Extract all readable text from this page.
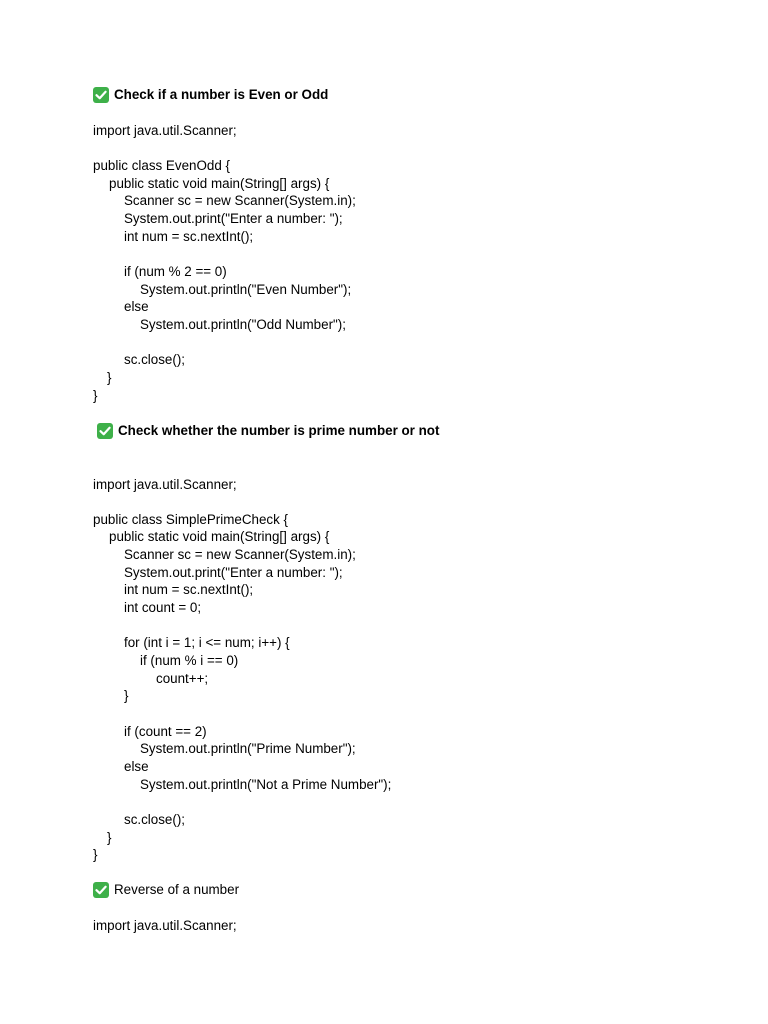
Check if a number is Even or Odd
import java.util.Scanner;
public class EvenOdd {
public static void main(String[] args) {
Scanner sc = new Scanner(System.in);
System.out.print("Enter a number: ");
int num = sc.nextInt();
if (num % 2 == 0)
System.out.println("Even Number");
else
System.out.println("Odd Number");
sc.close();
}
}

Check whether the number is prime number or not
import java.util.Scanner;
public class SimplePrimeCheck {
public static void main(String[] args) {
Scanner sc = new Scanner(System.in);
System.out.print("Enter a number: ");
int num = sc.nextInt();
int count = 0;
for (int i = 1; i <= num; i++) {
if (num % i == 0)
count++;
}
if (count == 2)
System.out.println("Prime Number");
else
System.out.println("Not a Prime Number");
sc.close();
}
}

Reverse of a number
import java.util.Scanner;
